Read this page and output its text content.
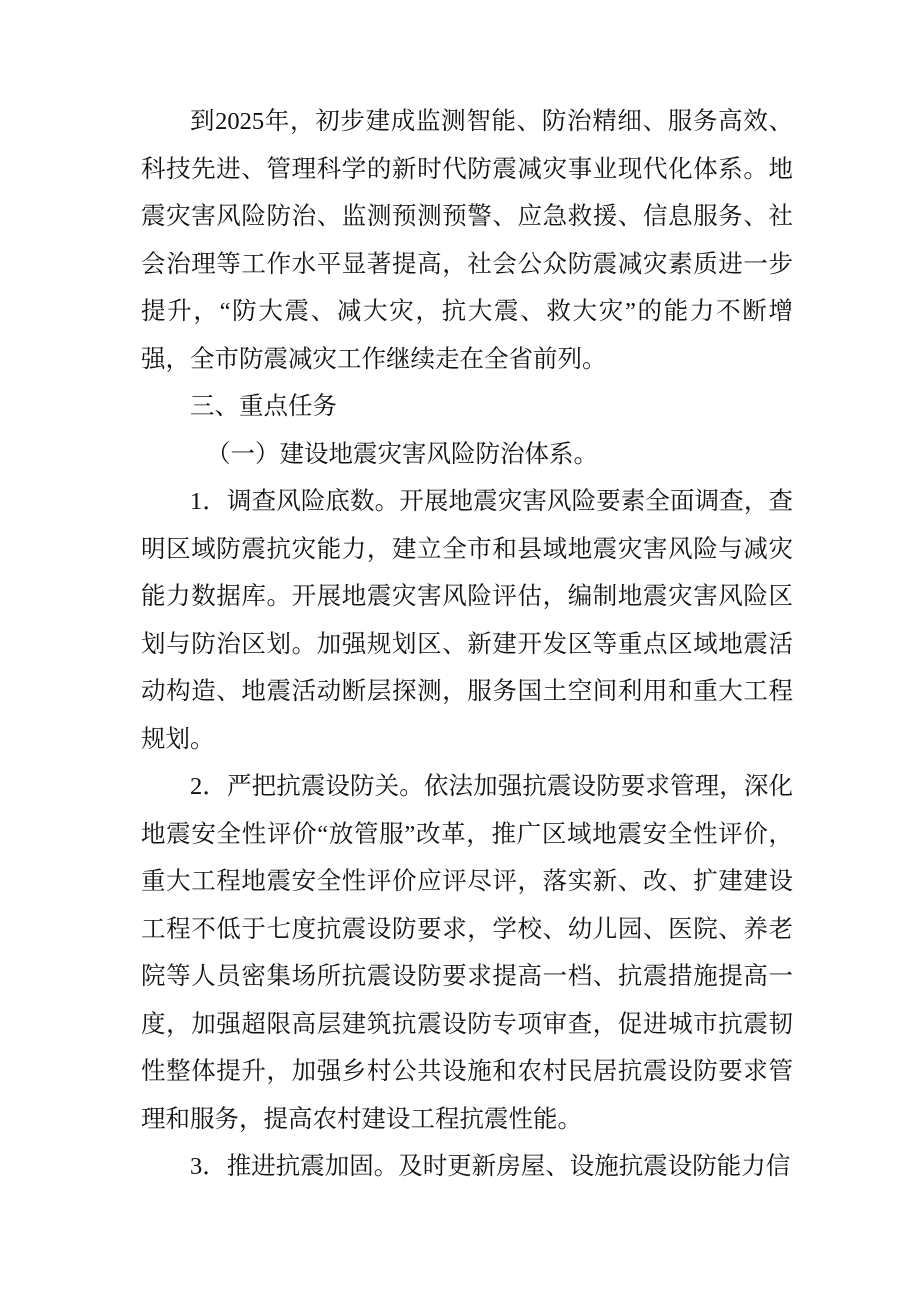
到2025年，初步建成监测智能、防治精细、服务高效、科技先进、管理科学的新时代防震减灾事业现代化体系。地震灾害风险防治、监测预测预警、应急救援、信息服务、社会治理等工作水平显著提高，社会公众防震减灾素质进一步提升，“防大震、减大灾，抗大震、救大灾”的能力不断增强，全市防震减灾工作继续走在全省前列。

三、重点任务

（一）建设地震灾害风险防治体系。

1．调查风险底数。开展地震灾害风险要素全面调查，查明区域防震抗灾能力，建立全市和县域地震灾害风险与减灾能力数据库。开展地震灾害风险评估，编制地震灾害风险区划与防治区划。加强规划区、新建开发区等重点区域地震活动构造、地震活动断层探测，服务国土空间利用和重大工程规划。

2．严把抗震设防关。依法加强抗震设防要求管理，深化地震安全性评价“放管服”改革，推广区域地震安全性评价，重大工程地震安全性评价应评尽评，落实新、改、扩建建设工程不低于七度抗震设防要求，学校、幼儿园、医院、养老院等人员密集场所抗震设防要求提高一档、抗震措施提高一度，加强超限高层建筑抗震设防专项审查，促进城市抗震韧性整体提升，加强乡村公共设施和农村民居抗震设防要求管理和服务，提高农村建设工程抗震性能。

3．推进抗震加固。及时更新房屋、设施抗震设防能力信
